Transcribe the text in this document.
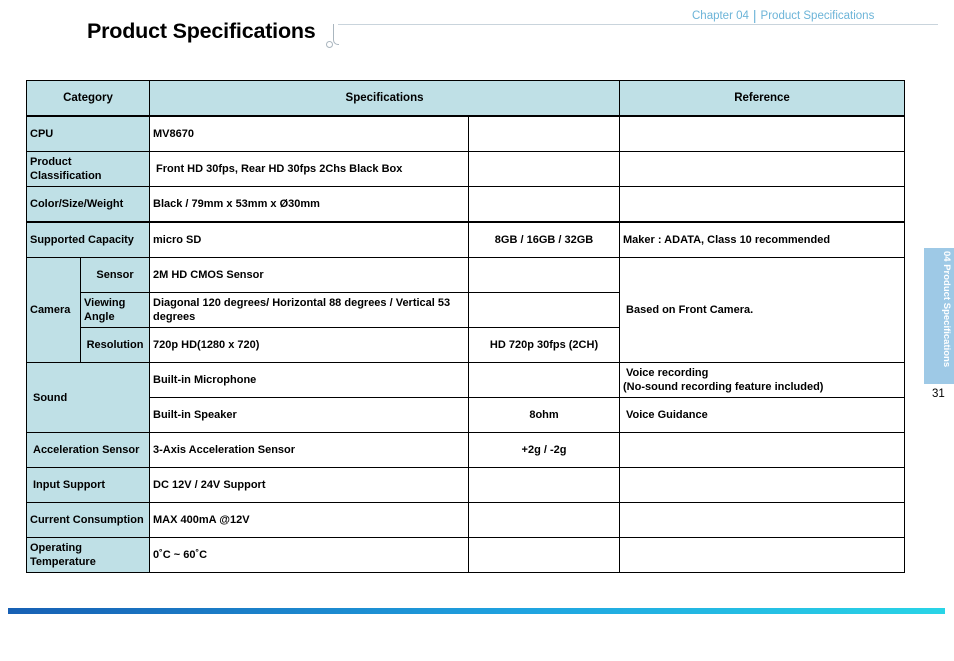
Chapter 04 | Product Specifications
Product Specifications
Category		Specifications		Reference
CPU		MV8670		
Product Classification		Front HD 30fps, Rear HD 30fps 2Chs Black Box		
Color/Size/Weight		Black / 79mm x 53mm x Ø30mm		
Supported Capacity		micro SD	8GB / 16GB / 32GB	Maker : ADATA, Class 10 recommended
Camera	Sensor	2M HD CMOS Sensor		Based on Front Camera.
	Viewing Angle	Diagonal 120 degrees/ Horizontal 88 degrees / Vertical 53 degrees		
	Resolution	720p HD(1280 x 720)	HD 720p 30fps (2CH)	
Sound		Built-in Microphone		Voice recording
(No-sound recording feature included)

		Built-in Speaker	8ohm	Voice Guidance
Acceleration Sensor		3-Axis Acceleration Sensor	+2g / -2g	
Input Support		DC 12V / 24V Support		
Current Consumption		MAX 400mA @12V		

Operating Temperature		0˚C ~ 60˚C		
04 Product Specifications
31
